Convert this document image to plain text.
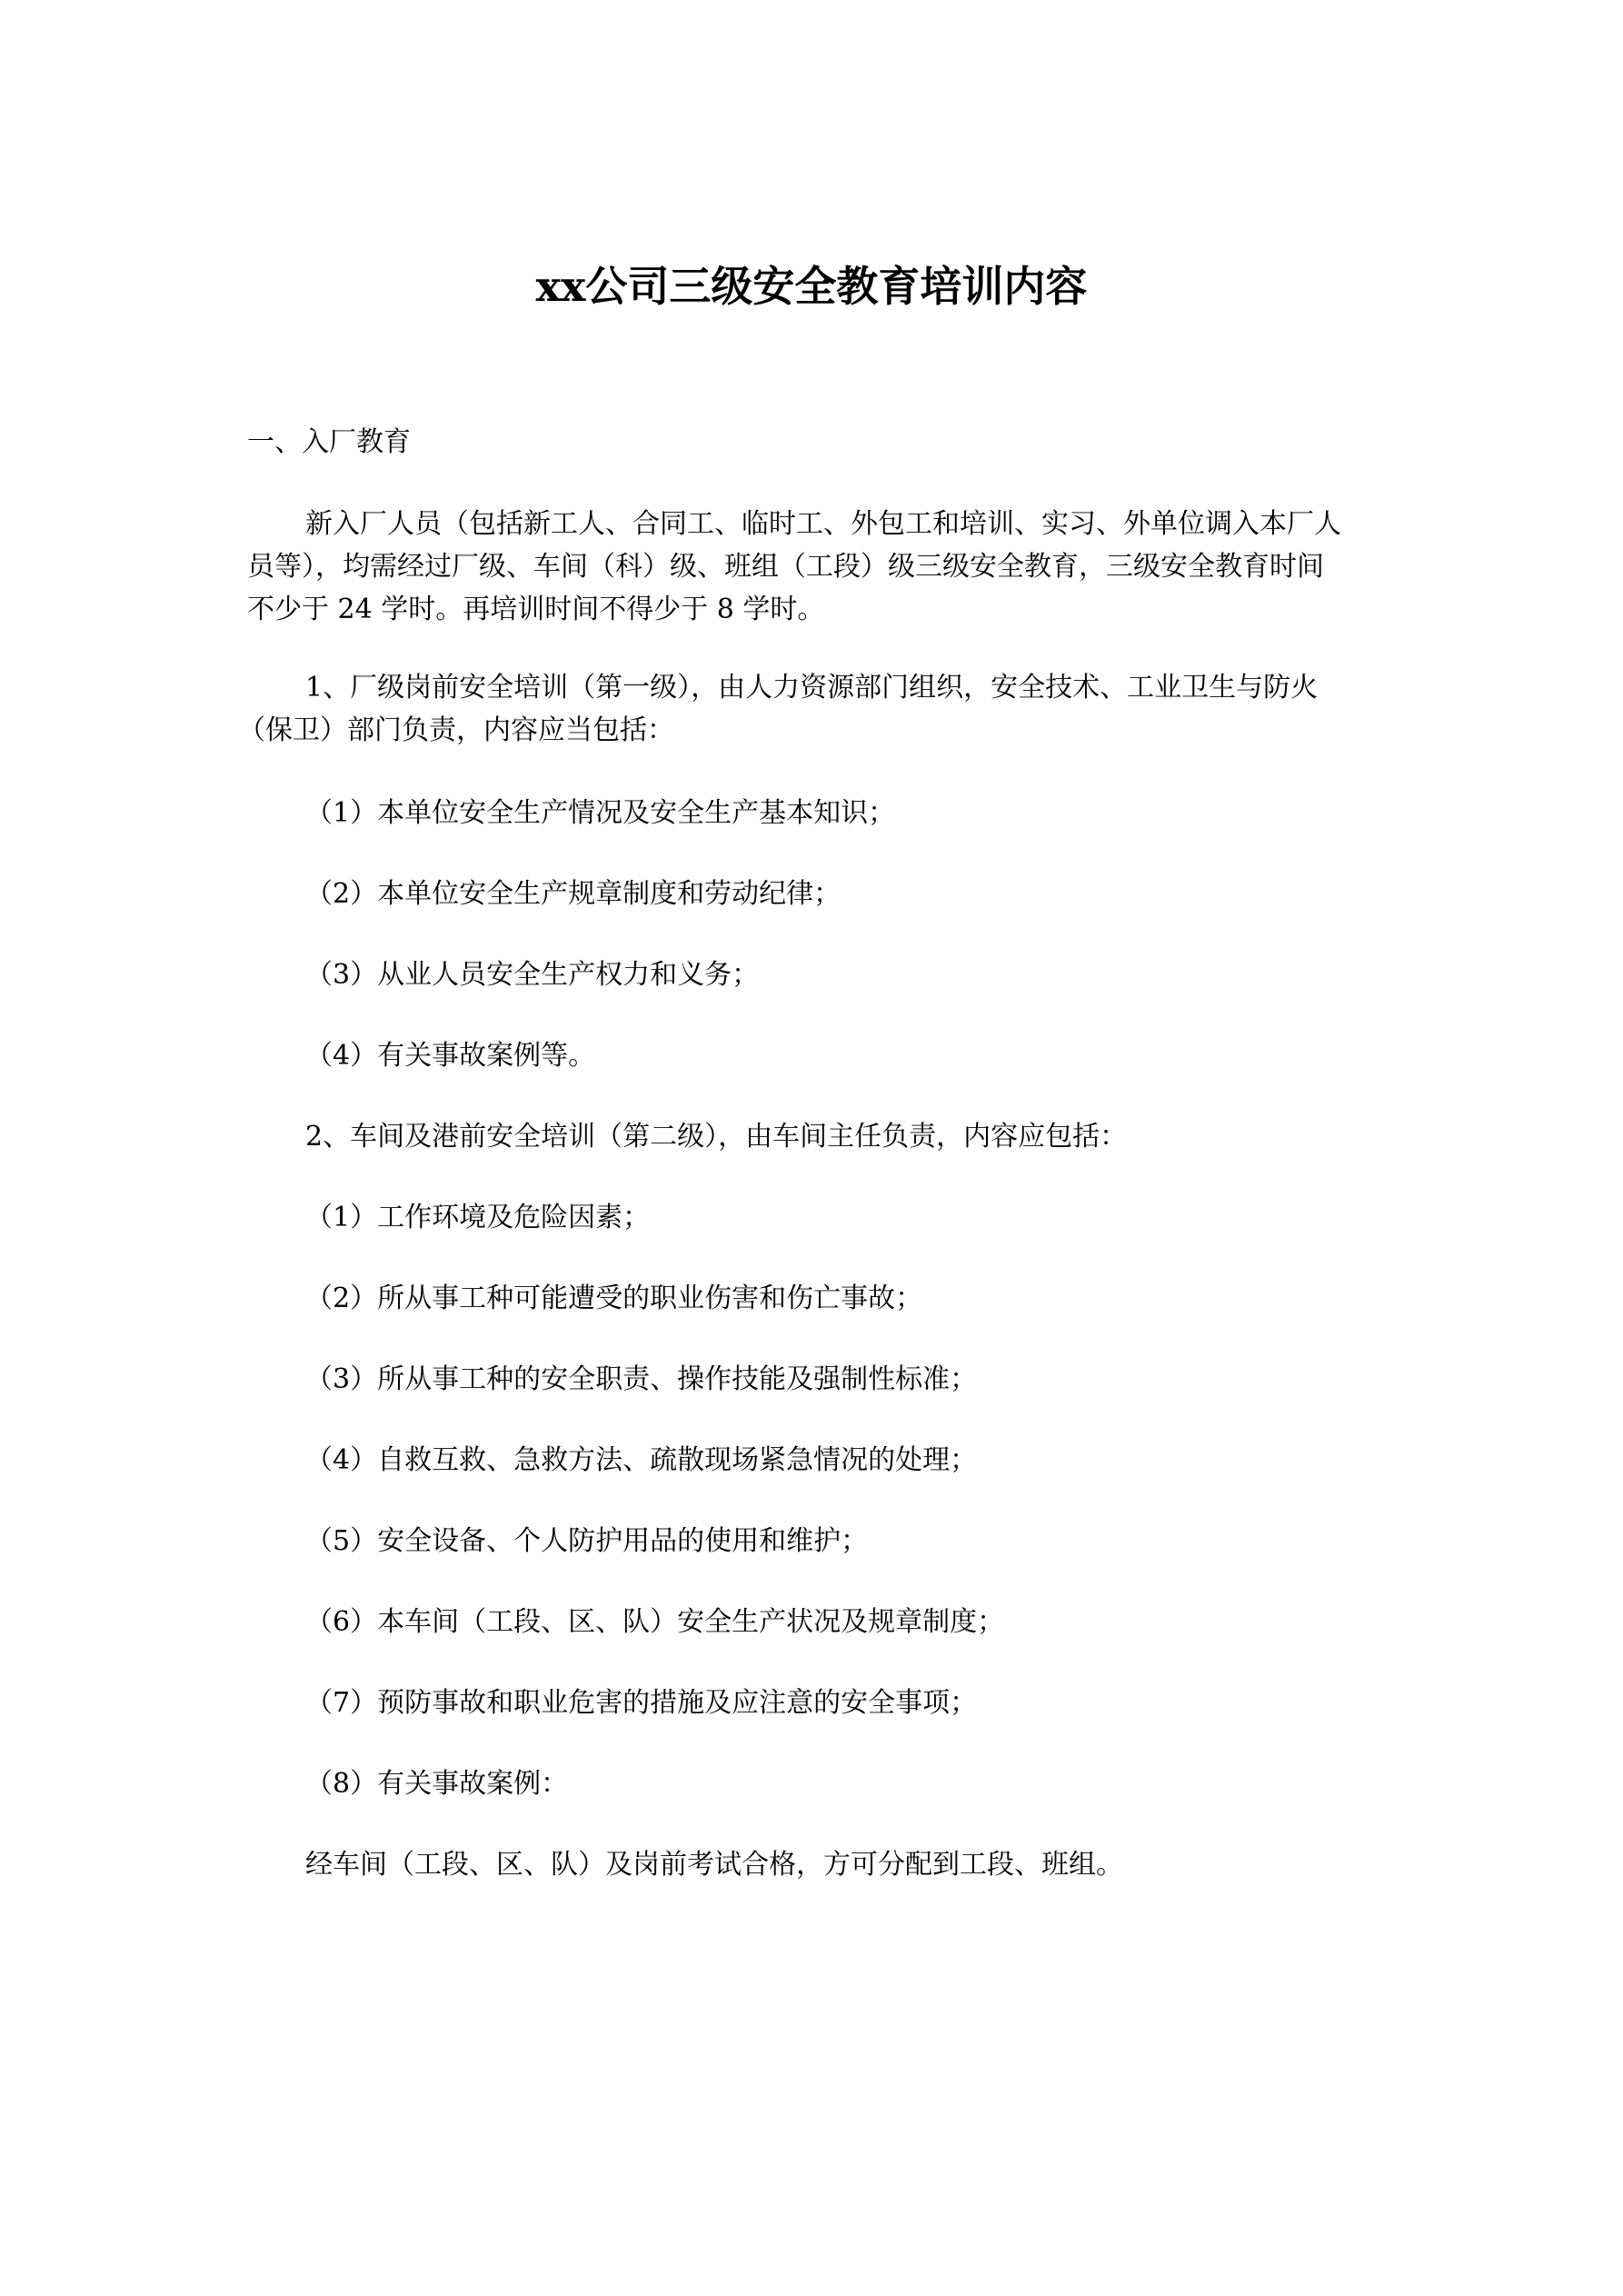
xx公司三级安全教育培训内容
一、入厂教育
新入厂人员（包括新工人、合同工、临时工、外包工和培训、实习、外单位调入本厂人
员等），均需经过厂级、车间（科）级、班组（工段）级三级安全教育，三级安全教育时间
不少于 24 学时。再培训时间不得少于 8 学时。
1、厂级岗前安全培训（第一级），由人力资源部门组织，安全技术、工业卫生与防火
（保卫）部门负责，内容应当包括：
（1）本单位安全生产情况及安全生产基本知识；
（2）本单位安全生产规章制度和劳动纪律；
（3）从业人员安全生产权力和义务；
（4）有关事故案例等。
2、车间及港前安全培训（第二级），由车间主任负责，内容应包括：
（1）工作环境及危险因素；
（2）所从事工种可能遭受的职业伤害和伤亡事故；
（3）所从事工种的安全职责、操作技能及强制性标准；
（4）自救互救、急救方法、疏散现场紧急情况的处理；
（5）安全设备、个人防护用品的使用和维护；
（6）本车间（工段、区、队）安全生产状况及规章制度；
（7）预防事故和职业危害的措施及应注意的安全事项；
（8）有关事故案例：
经车间（工段、区、队）及岗前考试合格，方可分配到工段、班组。
